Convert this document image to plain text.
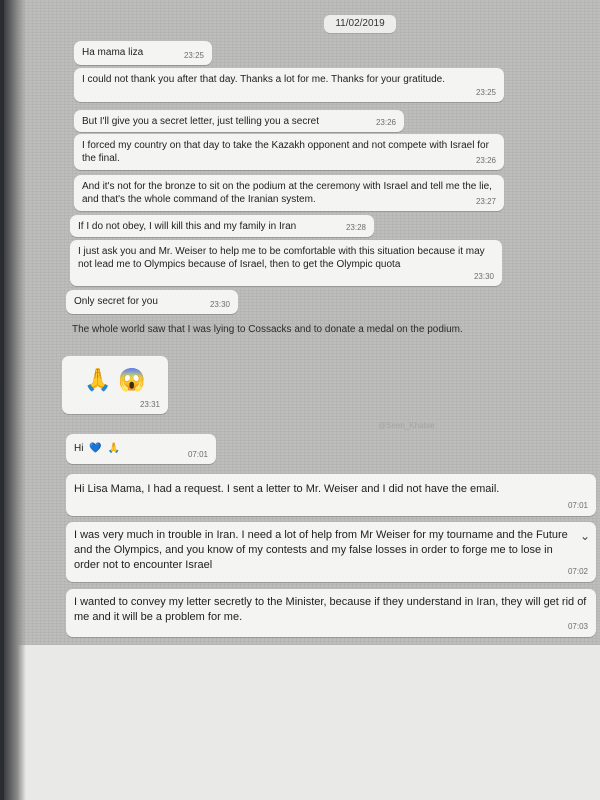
11/02/2019
Ha mama liza	23:25
I could not thank you after that day. Thanks a lot for me. Thanks for your gratitude.
23:25
But I'll give you a secret letter, just telling you a secret	23:26
I forced my country on that day to take the Kazakh opponent and not compete with Israel for the final.	23:26
And it's not for the bronze to sit on the podium at the ceremony with Israel and tell me the lie, and that's the whole command of the Iranian system.	23:27
If I do not obey, I will kill this and my family in Iran	23:28
I just ask you and Mr. Weiser to help me to be comfortable with this situation because it may not lead me to Olympics because of Israel, then to get the Olympic quota
23:30
Only secret for you	23:30
The whole world saw that I was lying to Cossacks and to donate a medal on the podium.
🙏 😱
23:31
@Seen_Khabar
Hi 💙 🙏
07:01
Hi Lisa Mama, I had a request. I sent a letter to Mr. Weiser and I did not have the email.
07:01
I was very much in trouble in Iran. I need a lot of help from Mr Weiser for my tourname and the Future and the Olympics, and you know of my contests and my false losses in order to forge me to lose in order not to encounter Israel
⌄
07:02
I wanted to convey my letter secretly to the Minister, because if they understand in Iran, they will get rid of me and it will be a problem for me.
07:03
